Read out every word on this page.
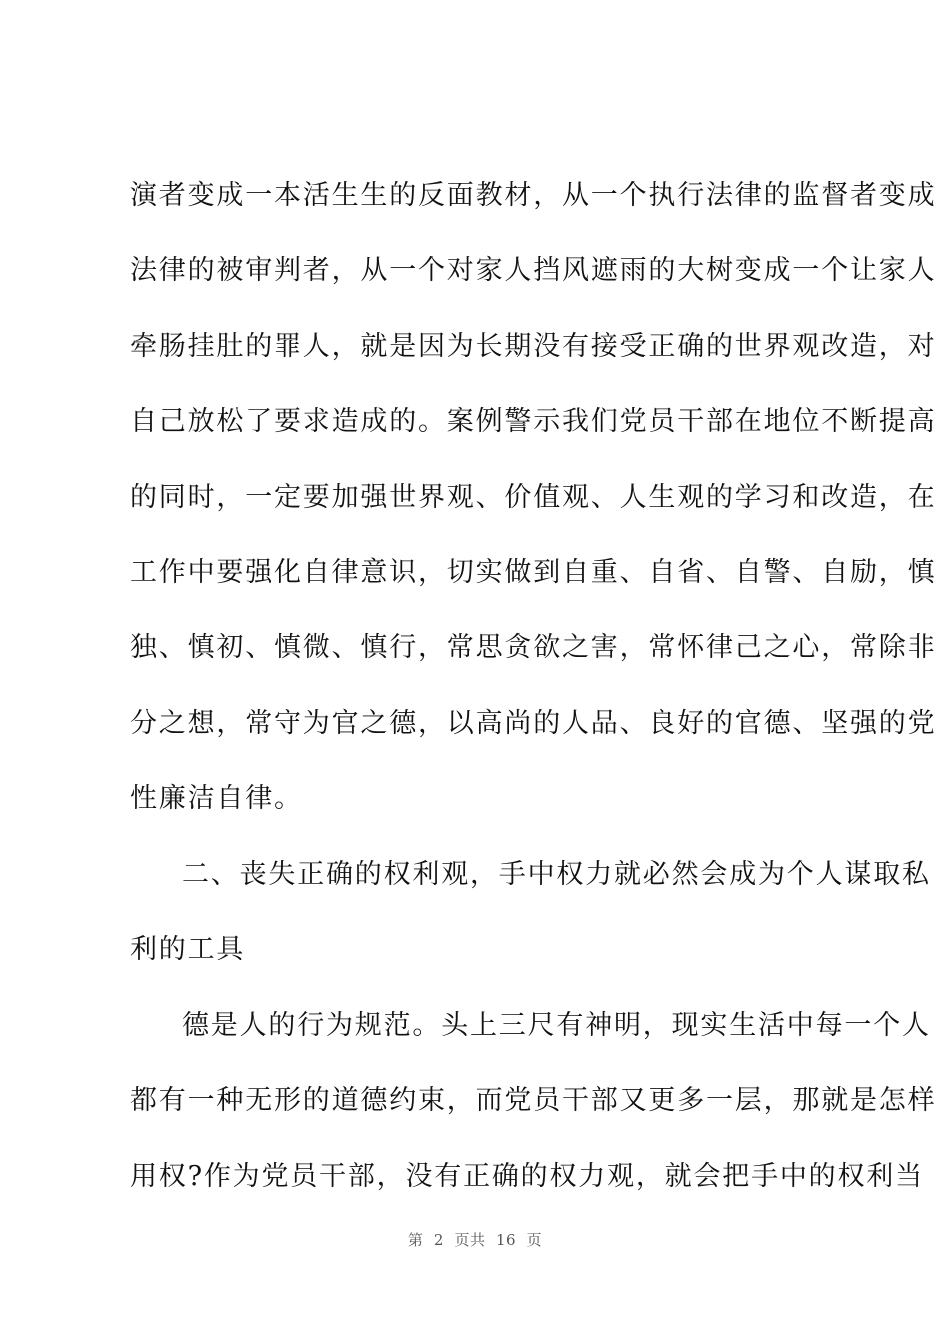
演者变成一本活生生的反面教材，从一个执行法律的监督者变成
法律的被审判者，从一个对家人挡风遮雨的大树变成一个让家人
牵肠挂肚的罪人，就是因为长期没有接受正确的世界观改造，对
自己放松了要求造成的。案例警示我们党员干部在地位不断提高
的同时，一定要加强世界观、价值观、人生观的学习和改造，在
工作中要强化自律意识，切实做到自重、自省、自警、自励，慎
独、慎初、慎微、慎行，常思贪欲之害，常怀律己之心，常除非
分之想，常守为官之德，以高尚的人品、良好的官德、坚强的党
性廉洁自律。
二、丧失正确的权利观，手中权力就必然会成为个人谋取私
利的工具
德是人的行为规范。头上三尺有神明，现实生活中每一个人
都有一种无形的道德约束，而党员干部又更多一层，那就是怎样
用权?作为党员干部，没有正确的权力观，就会把手中的权利当
第  2  页共  16  页
